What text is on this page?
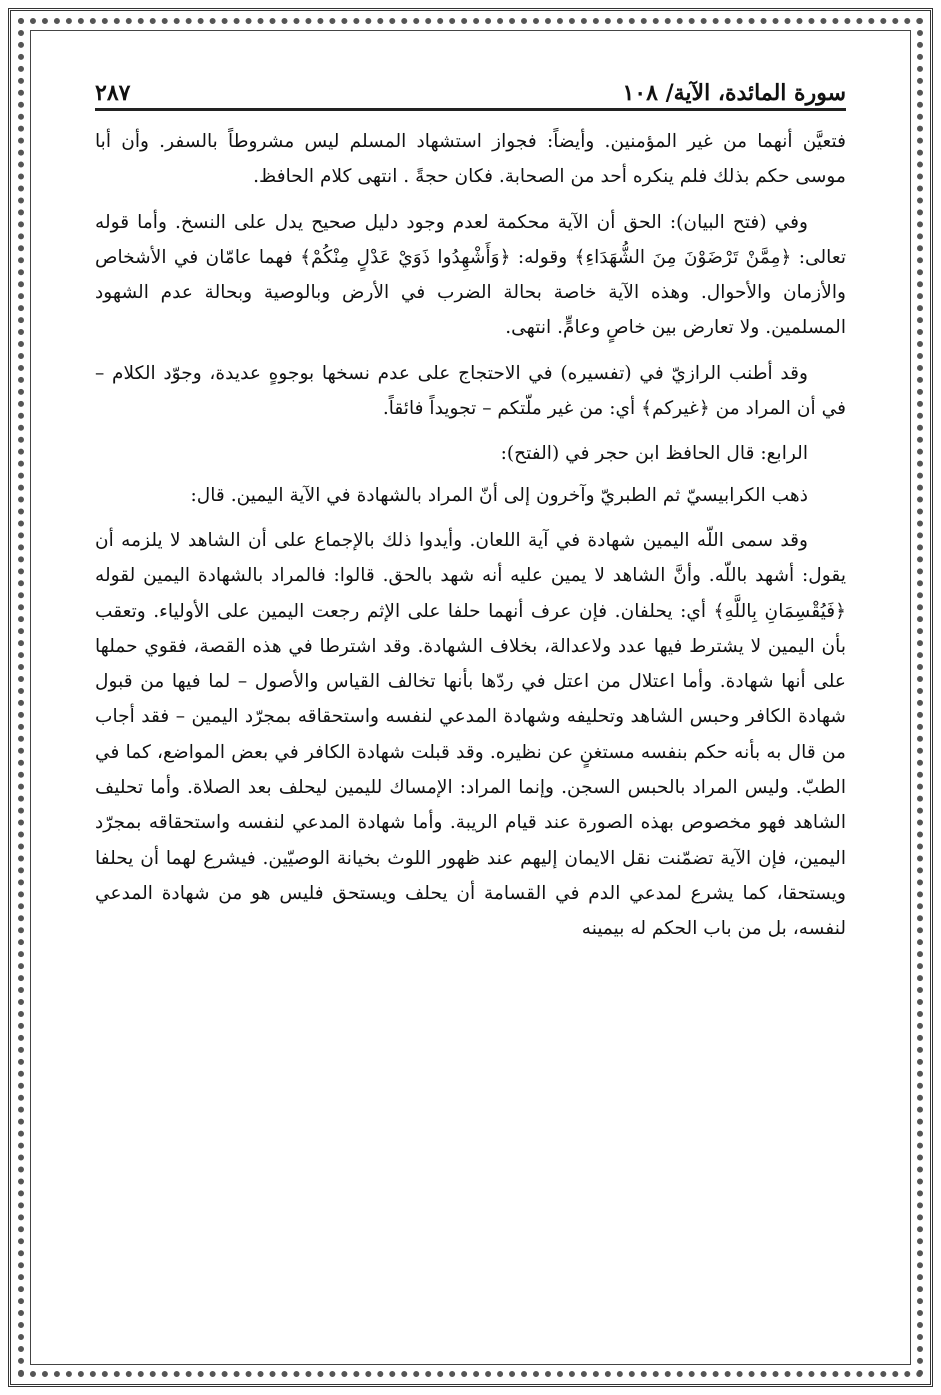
٢٨٧	سورة المائدة، الآية/ ١٠٨

فتعيَّن أنهما من غير المؤمنين. وأيضاً: فجواز استشهاد المسلم ليس مشروطاً بالسفر. وأن أبا موسى حكم بذلك فلم ينكره أحد من الصحابة. فكان حجةً . انتهى كلام الحافظ.

وفي (فتح البيان): الحق أن الآية محكمة لعدم وجود دليل صحيح يدل على النسخ. وأما قوله تعالى: ﴿مِمَّنْ تَرْضَوْنَ مِنَ الشُّهَدَاءِ﴾ وقوله: ﴿وَأَشْهِدُوا ذَوَيْ عَدْلٍ مِنْكُمْ﴾ فهما عامّان في الأشخاص والأزمان والأحوال. وهذه الآية خاصة بحالة الضرب في الأرض وبالوصية وبحالة عدم الشهود المسلمين. ولا تعارض بين خاصٍ وعامٍّ. انتهى.

وقد أطنب الرازيّ في (تفسيره) في الاحتجاج على عدم نسخها بوجوهٍ عديدة، وجوّد الكلام – في أن المراد من ﴿غيركم﴾ أي: من غير ملّتكم – تجويداً فائقاً.

الرابع: قال الحافظ ابن حجر في (الفتح):

ذهب الكرابيسيّ ثم الطبريّ وآخرون إلى أنّ المراد بالشهادة في الآية اليمين. قال:

وقد سمى اللّه اليمين شهادة في آية اللعان. وأيدوا ذلك بالإجماع على أن الشاهد لا يلزمه أن يقول: أشهد باللّه. وأنَّ الشاهد لا يمين عليه أنه شهد بالحق. قالوا: فالمراد بالشهادة اليمين لقوله ﴿فَيُقْسِمَانِ بِاللَّهِ﴾ أي: يحلفان. فإن عرف أنهما حلفا على الإثم رجعت اليمين على الأولياء. وتعقب بأن اليمين لا يشترط فيها عدد ولاعدالة، بخلاف الشهادة. وقد اشترطا في هذه القصة، فقوي حملها على أنها شهادة. وأما اعتلال من اعتل في ردّها بأنها تخالف القياس والأصول – لما فيها من قبول شهادة الكافر وحبس الشاهد وتحليفه وشهادة المدعي لنفسه واستحقاقه بمجرّد اليمين – فقد أجاب من قال به بأنه حكم بنفسه مستغنٍ عن نظيره. وقد قبلت شهادة الكافر في بعض المواضع، كما في الطبّ. وليس المراد بالحبس السجن. وإنما المراد: الإمساك لليمين ليحلف بعد الصلاة. وأما تحليف الشاهد فهو مخصوص بهذه الصورة عند قيام الريبة. وأما شهادة المدعي لنفسه واستحقاقه بمجرّد اليمين، فإن الآية تضمّنت نقل الايمان إليهم عند ظهور اللوث بخيانة الوصيّين. فيشرع لهما أن يحلفا ويستحقا، كما يشرع لمدعي الدم في القسامة أن يحلف ويستحق فليس هو من شهادة المدعي لنفسه، بل من باب الحكم له بيمينه
